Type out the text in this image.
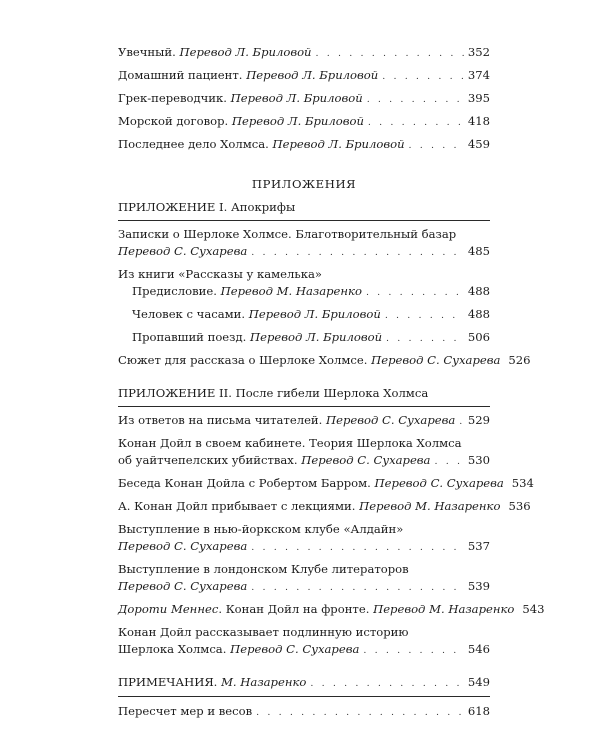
Увечный. Перевод Л. Бриловой . . .	352
Домашний пациент. Перевод Л. Бриловой . . .	374
Грек-переводчик. Перевод Л. Бриловой . . .	395
Морской договор. Перевод Л. Бриловой . . .	418
Последнее дело Холмса. Перевод Л. Бриловой . . .	459
ПРИЛОЖЕНИЯ
ПРИЛОЖЕНИЕ I. Апокрифы
Записки о Шерлоке Холмсе. Благотворительный базар
Перевод С. Сухарева . . .	485
Из книги «Рассказы у камелька»
Предисловие. Перевод М. Назаренко . . .	488
Человек с часами. Перевод Л. Бриловой . . .	488
Пропавший поезд. Перевод Л. Бриловой . . .	506
Сюжет для рассказа о Шерлоке Холмсе. Перевод С. Сухарева 526
ПРИЛОЖЕНИЕ II. После гибели Шерлока Холмса
Из ответов на письма читателей. Перевод С. Сухарева . . . 529
Конан Дойл в своем кабинете. Теория Шерлока Холмса
об уайтчепелских убийствах. Перевод С. Сухарева . . .	530
Беседа Конан Дойла с Робертом Барром. Перевод С. Сухарева 534
А. Конан Дойл прибывает с лекциями. Перевод М. Назаренко 536
Выступление в нью-йоркском клубе «Алдайн»
Перевод С. Сухарева . . .	537
Выступление в лондонском Клубе литераторов
Перевод С. Сухарева . . .	539
Дороти Меннес. Конан Дойл на фронте. Перевод М. Назаренко 543
Конан Дойл рассказывает подлинную историю
Шерлока Холмса. Перевод С. Сухарева . . .	546
ПРИМЕЧАНИЯ. М. Назаренко . . .	549
Пересчет мер и весов . . .	618
